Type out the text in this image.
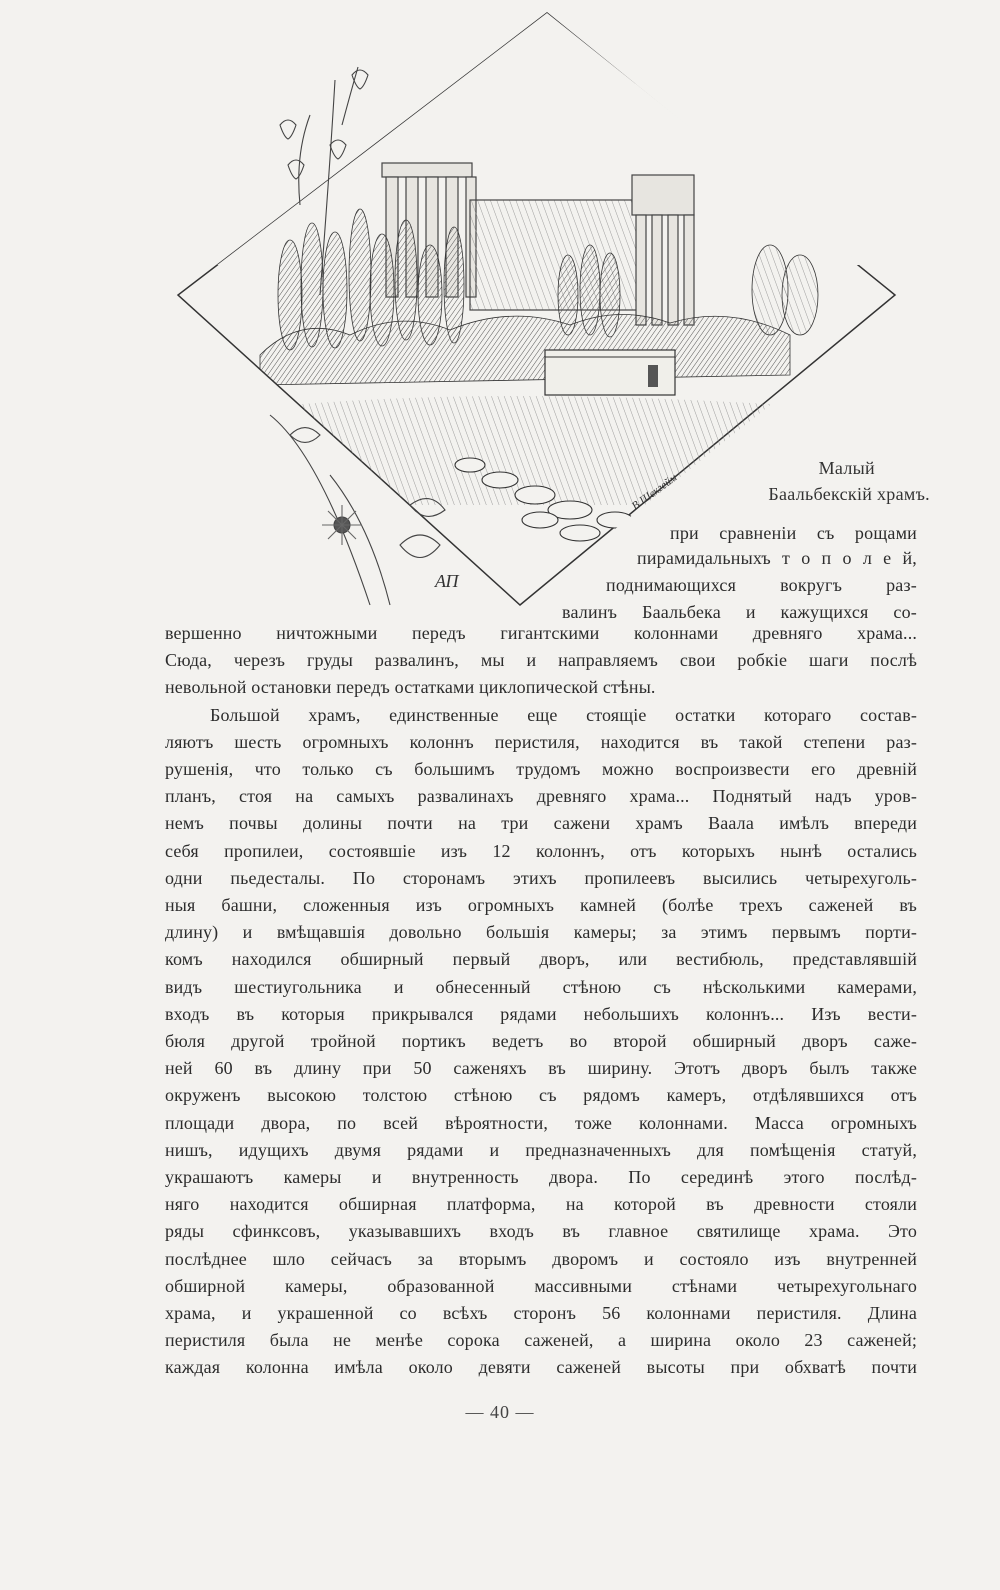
В.Шекгейм
АП
Малый
Баальбекскій храмъ.
при сравненіи съ рощами
пирамидальныхъ т о п о л е й,
поднимающихся вокругъ раз-
валинъ Баальбека и кажущихся со-
вершенно ничтожными передъ гигантскими колоннами древняго храма...
Сюда, черезъ груды развалинъ, мы и направляемъ свои робкіе шаги послѣ
невольной остановки передъ остатками циклопической стѣны.
Большой храмъ, единственные еще стоящіе остатки котораго состав-
ляютъ шесть огромныхъ колоннъ перистиля, находится въ такой степени раз-
рушенія, что только съ большимъ трудомъ можно воспроизвести его древній
планъ, стоя на самыхъ развалинахъ древняго храма... Поднятый надъ уров-
немъ почвы долины почти на три сажени храмъ Ваала имѣлъ впереди
себя пропилеи, состоявшіе изъ 12 колоннъ, отъ которыхъ нынѣ остались
одни пьедесталы. По сторонамъ этихъ пропилеевъ высились четырехуголь-
ныя башни, сложенныя изъ огромныхъ камней (болѣе трехъ саженей въ
длину) и вмѣщавшія довольно большія камеры; за этимъ первымъ порти-
комъ находился обширный первый дворъ, или вестибюль, представлявшій
видъ шестиугольника и обнесенный стѣною съ нѣсколькими камерами,
входъ въ которыя прикрывался рядами небольшихъ колоннъ... Изъ вести-
бюля другой тройной портикъ ведетъ во второй обширный дворъ саже-
ней 60 въ длину при 50 саженяхъ въ ширину. Этотъ дворъ былъ также
окруженъ высокою толстою стѣною съ рядомъ камеръ, отдѣлявшихся отъ
площади двора, по всей вѣроятности, тоже колоннами. Масса огромныхъ
нишъ, идущихъ двумя рядами и предназначенныхъ для помѣщенія статуй,
украшаютъ камеры и внутренность двора. По серединѣ этого послѣд-
няго находится обширная платформа, на которой въ древности стояли
ряды сфинксовъ, указывавшихъ входъ въ главное святилище храма. Это
послѣднее шло сейчасъ за вторымъ дворомъ и состояло изъ внутренней
обширной камеры, образованной массивными стѣнами четырехугольнаго
храма, и украшенной со всѣхъ сторонъ 56 колоннами перистиля. Длина
перистиля была не менѣе сорока саженей, а ширина около 23 саженей;
каждая колонна имѣла около девяти саженей высоты при обхватѣ почти
— 40 —
